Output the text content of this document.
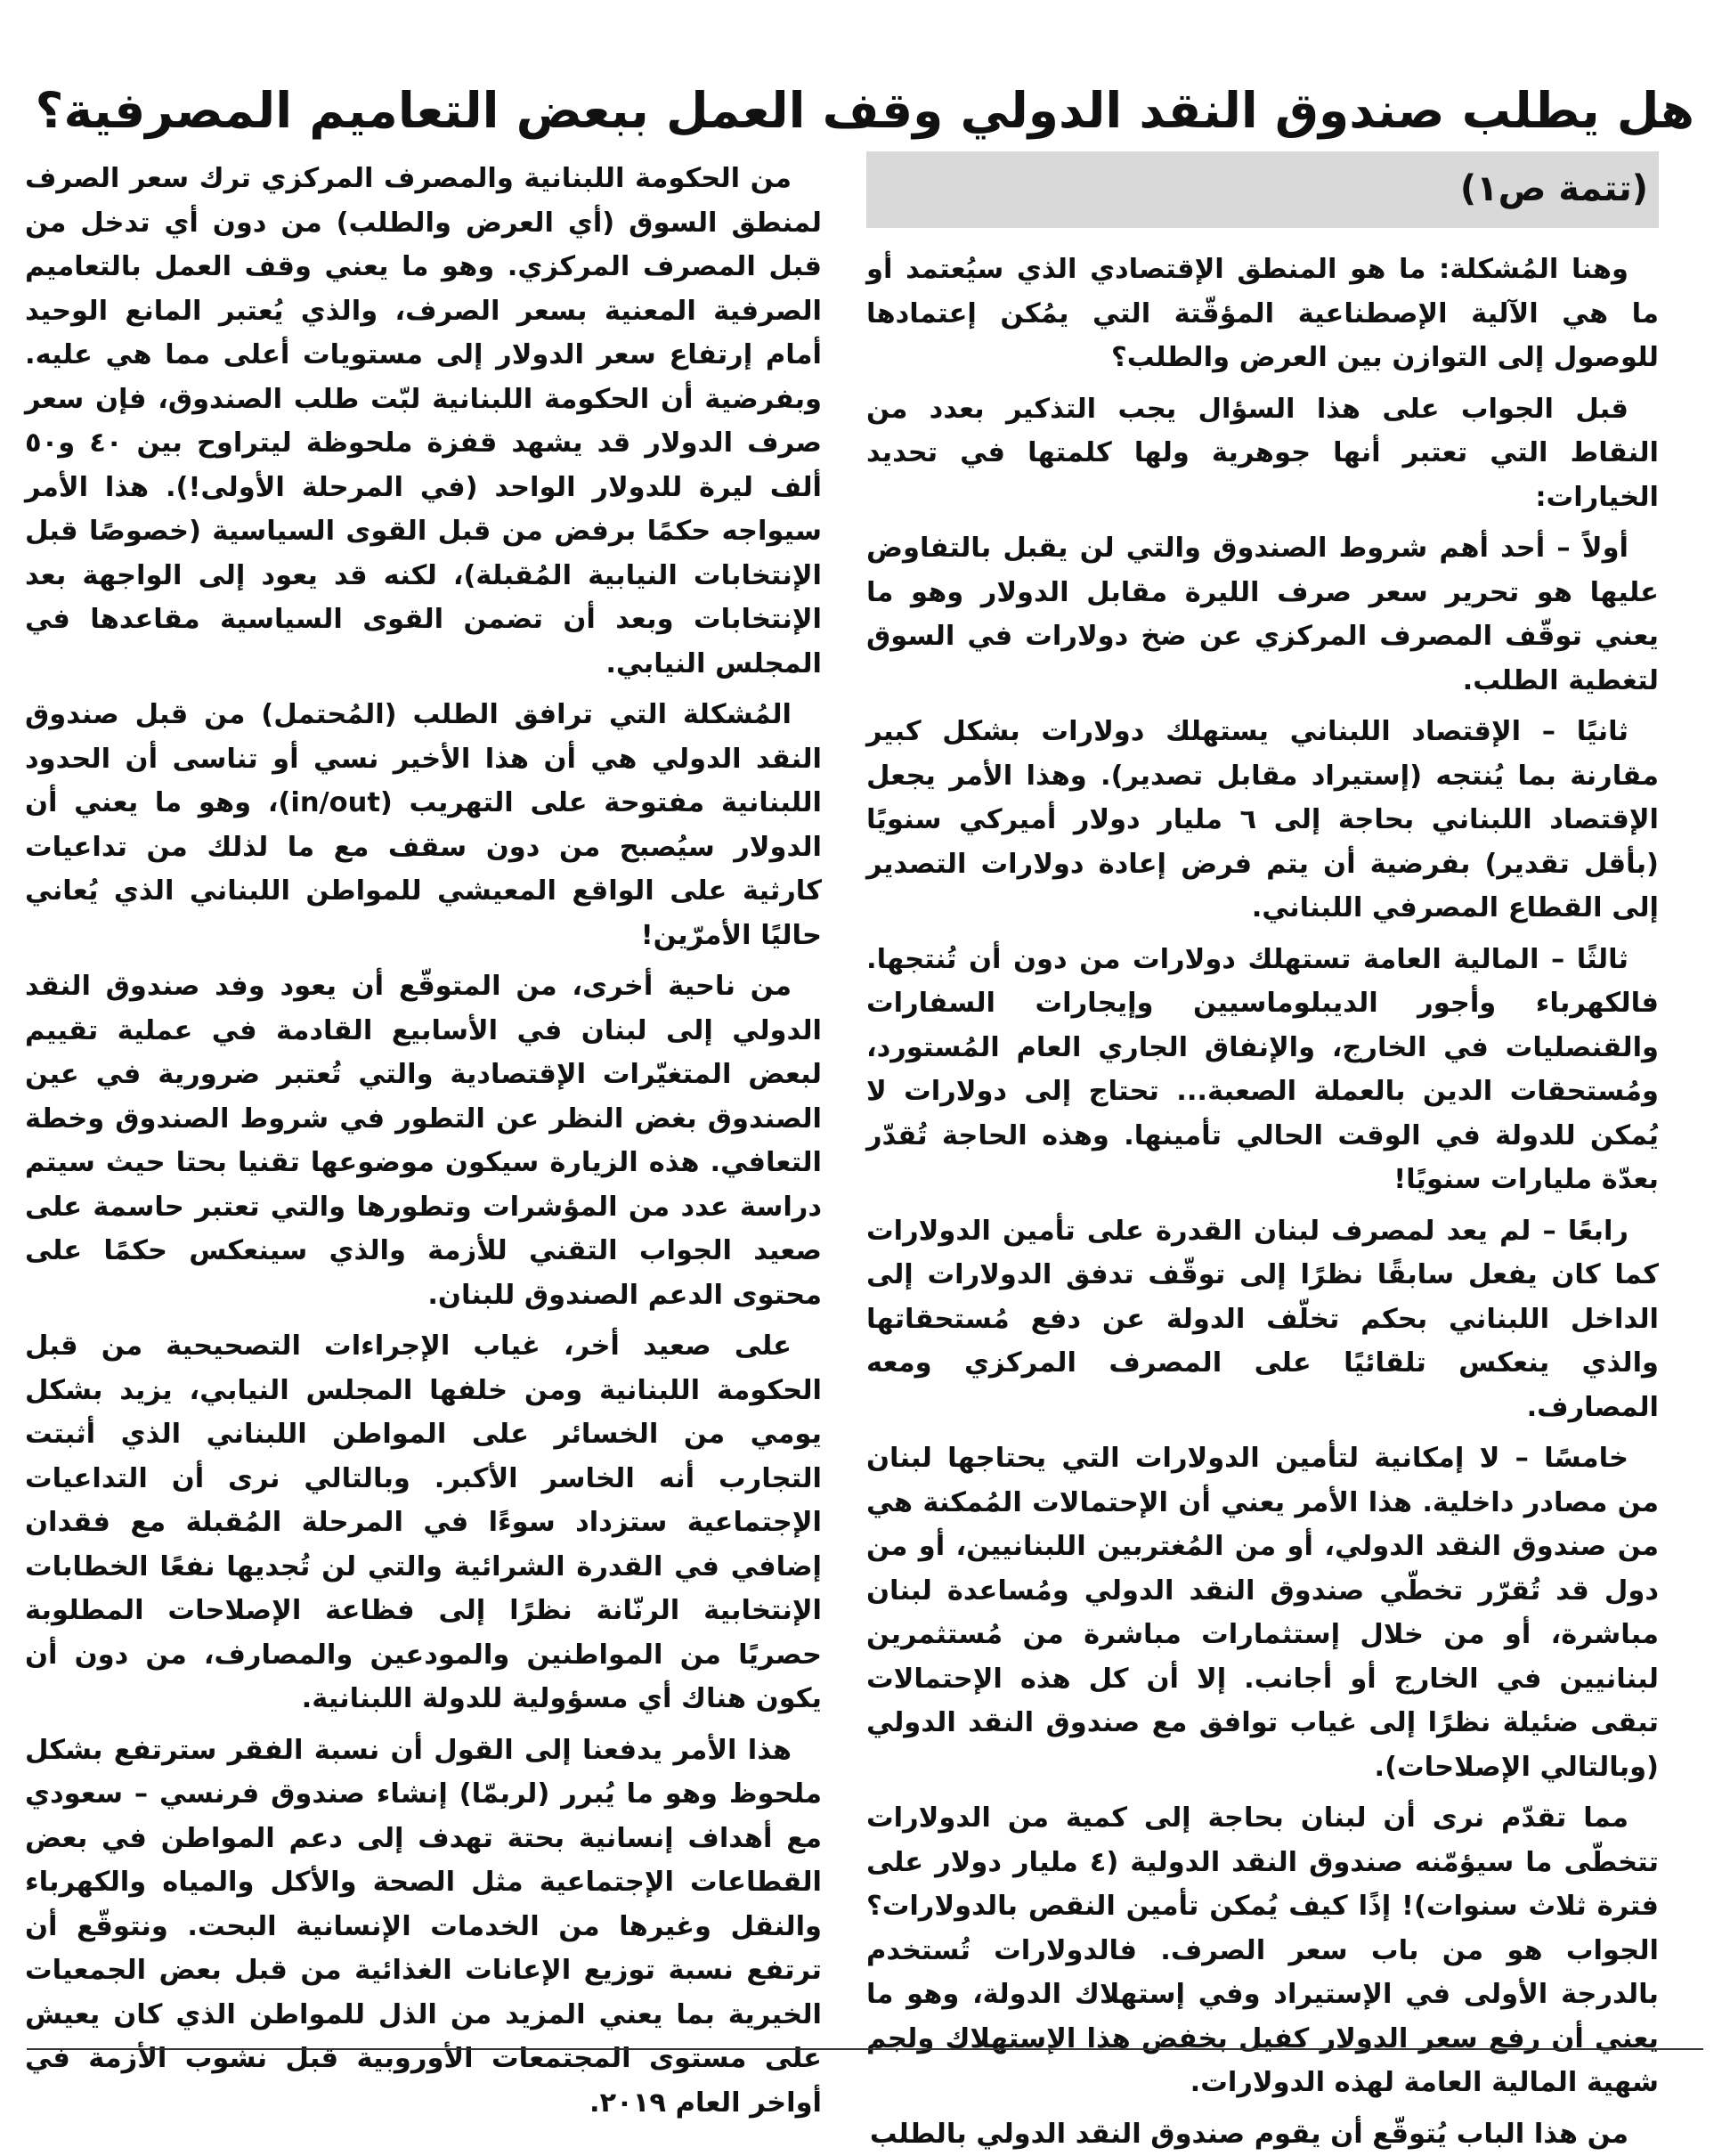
هل يطلب صندوق النقد الدولي وقف العمل ببعض التعاميم المصرفية؟
(تتمة ص١)

وهنا المُشكلة: ما هو المنطق الإقتصادي الذي سيُعتمد أو ما هي الآلية الإصطناعية المؤقّتة التي يمُكن إعتمادها للوصول إلى التوازن بين العرض والطلب؟

قبل الجواب على هذا السؤال يجب التذكير بعدد من النقاط التي تعتبر أنها جوهرية ولها كلمتها في تحديد الخيارات:

أولاً – أحد أهم شروط الصندوق والتي لن يقبل بالتفاوض عليها هو تحرير سعر صرف الليرة مقابل الدولار وهو ما يعني توقّف المصرف المركزي عن ضخ دولارات في السوق لتغطية الطلب.

ثانيًا – الإقتصاد اللبناني يستهلك دولارات بشكل كبير مقارنة بما يُنتجه (إستيراد مقابل تصدير). وهذا الأمر يجعل الإقتصاد اللبناني بحاجة إلى ٦ مليار دولار أميركي سنويًا (بأقل تقدير) بفرضية أن يتم فرض إعادة دولارات التصدير إلى القطاع المصرفي اللبناني.

ثالثًا – المالية العامة تستهلك دولارات من دون أن تُنتجها. فالكهرباء وأجور الديبلوماسيين وإيجارات السفارات والقنصليات في الخارج، والإنفاق الجاري العام المُستورد، ومُستحقات الدين بالعملة الصعبة... تحتاج إلى دولارات لا يُمكن للدولة في الوقت الحالي تأمينها. وهذه الحاجة تُقدّر بعدّة مليارات سنويًا!

رابعًا – لم يعد لمصرف لبنان القدرة على تأمين الدولارات كما كان يفعل سابقًا نظرًا إلى توقّف تدفق الدولارات إلى الداخل اللبناني بحكم تخلّف الدولة عن دفع مُستحقاتها والذي ينعكس تلقائيًا على المصرف المركزي ومعه المصارف.

خامسًا – لا إمكانية لتأمين الدولارات التي يحتاجها لبنان من مصادر داخلية. هذا الأمر يعني أن الإحتمالات المُمكنة هي من صندوق النقد الدولي، أو من المُغتربين اللبنانيين، أو من دول قد تُقرّر تخطّي صندوق النقد الدولي ومُساعدة لبنان مباشرة، أو من خلال إستثمارات مباشرة من مُستثمرين لبنانيين في الخارج أو أجانب. إلا أن كل هذه الإحتمالات تبقى ضئيلة نظرًا إلى غياب توافق مع صندوق النقد الدولي (وبالتالي الإصلاحات).

مما تقدّم نرى أن لبنان بحاجة إلى كمية من الدولارات تتخطّى ما سيؤمّنه صندوق النقد الدولية (٤ مليار دولار على فترة ثلاث سنوات)! إذًا كيف يُمكن تأمين النقص بالدولارات؟ الجواب هو من باب سعر الصرف. فالدولارات تُستخدم بالدرجة الأولى في الإستيراد وفي إستهلاك الدولة، وهو ما يعني أن رفع سعر الدولار كفيل بخفض هذا الإستهلاك ولجم شهية المالية العامة لهذه الدولارات.

من هذا الباب يُتوقّع أن يقوم صندوق النقد الدولي بالطلب

من الحكومة اللبنانية والمصرف المركزي ترك سعر الصرف لمنطق السوق (أي العرض والطلب) من دون أي تدخل من قبل المصرف المركزي. وهو ما يعني وقف العمل بالتعاميم الصرفية المعنية بسعر الصرف، والذي يُعتبر المانع الوحيد أمام إرتفاع سعر الدولار إلى مستويات أعلى مما هي عليه. وبفرضية أن الحكومة اللبنانية لبّت طلب الصندوق، فإن سعر صرف الدولار قد يشهد قفزة ملحوظة ليتراوح بين ٤٠ و٥٠ ألف ليرة للدولار الواحد (في المرحلة الأولى!). هذا الأمر سيواجه حكمًا برفض من قبل القوى السياسية (خصوصًا قبل الإنتخابات النيابية المُقبلة)، لكنه قد يعود إلى الواجهة بعد الإنتخابات وبعد أن تضمن القوى السياسية مقاعدها في المجلس النيابي.

المُشكلة التي ترافق الطلب (المُحتمل) من قبل صندوق النقد الدولي هي أن هذا الأخير نسي أو تناسى أن الحدود اللبنانية مفتوحة على التهريب (in/out)، وهو ما يعني أن الدولار سيُصبح من دون سقف مع ما لذلك من تداعيات كارثية على الواقع المعيشي للمواطن اللبناني الذي يُعاني حاليًا الأمرّين!

من ناحية أخرى، من المتوقّع أن يعود وفد صندوق النقد الدولي إلى لبنان في الأسابيع القادمة في عملية تقييم لبعض المتغيّرات الإقتصادية والتي تُعتبر ضرورية في عين الصندوق بغض النظر عن التطور في شروط الصندوق وخطة التعافي. هذه الزيارة سيكون موضوعها تقنيا بحتا حيث سيتم دراسة عدد من المؤشرات وتطورها والتي تعتبر حاسمة على صعيد الجواب التقني للأزمة والذي سينعكس حكمًا على محتوى الدعم الصندوق للبنان.

على صعيد أخر، غياب الإجراءات التصحيحية من قبل الحكومة اللبنانية ومن خلفها المجلس النيابي، يزيد بشكل يومي من الخسائر على المواطن اللبناني الذي أثبتت التجارب أنه الخاسر الأكبر. وبالتالي نرى أن التداعيات الإجتماعية ستزداد سوءًا في المرحلة المُقبلة مع فقدان إضافي في القدرة الشرائية والتي لن تُجديها نفعًا الخطابات الإنتخابية الرنّانة نظرًا إلى فظاعة الإصلاحات المطلوبة حصريًا من المواطنين والمودعين والمصارف، من دون أن يكون هناك أي مسؤولية للدولة اللبنانية.

هذا الأمر يدفعنا إلى القول أن نسبة الفقر سترتفع بشكل ملحوظ وهو ما يُبرر (لربمّا) إنشاء صندوق فرنسي – سعودي مع أهداف إنسانية بحتة تهدف إلى دعم المواطن في بعض القطاعات الإجتماعية مثل الصحة والأكل والمياه والكهرباء والنقل وغيرها من الخدمات الإنسانية البحت. ونتوقّع أن ترتفع نسبة توزيع الإعانات الغذائية من قبل بعض الجمعيات الخيرية بما يعني المزيد من الذل للمواطن الذي كان يعيش على مستوى المجتمعات الأوروبية قبل نشوب الأزمة في أواخر العام ٢٠١٩.
